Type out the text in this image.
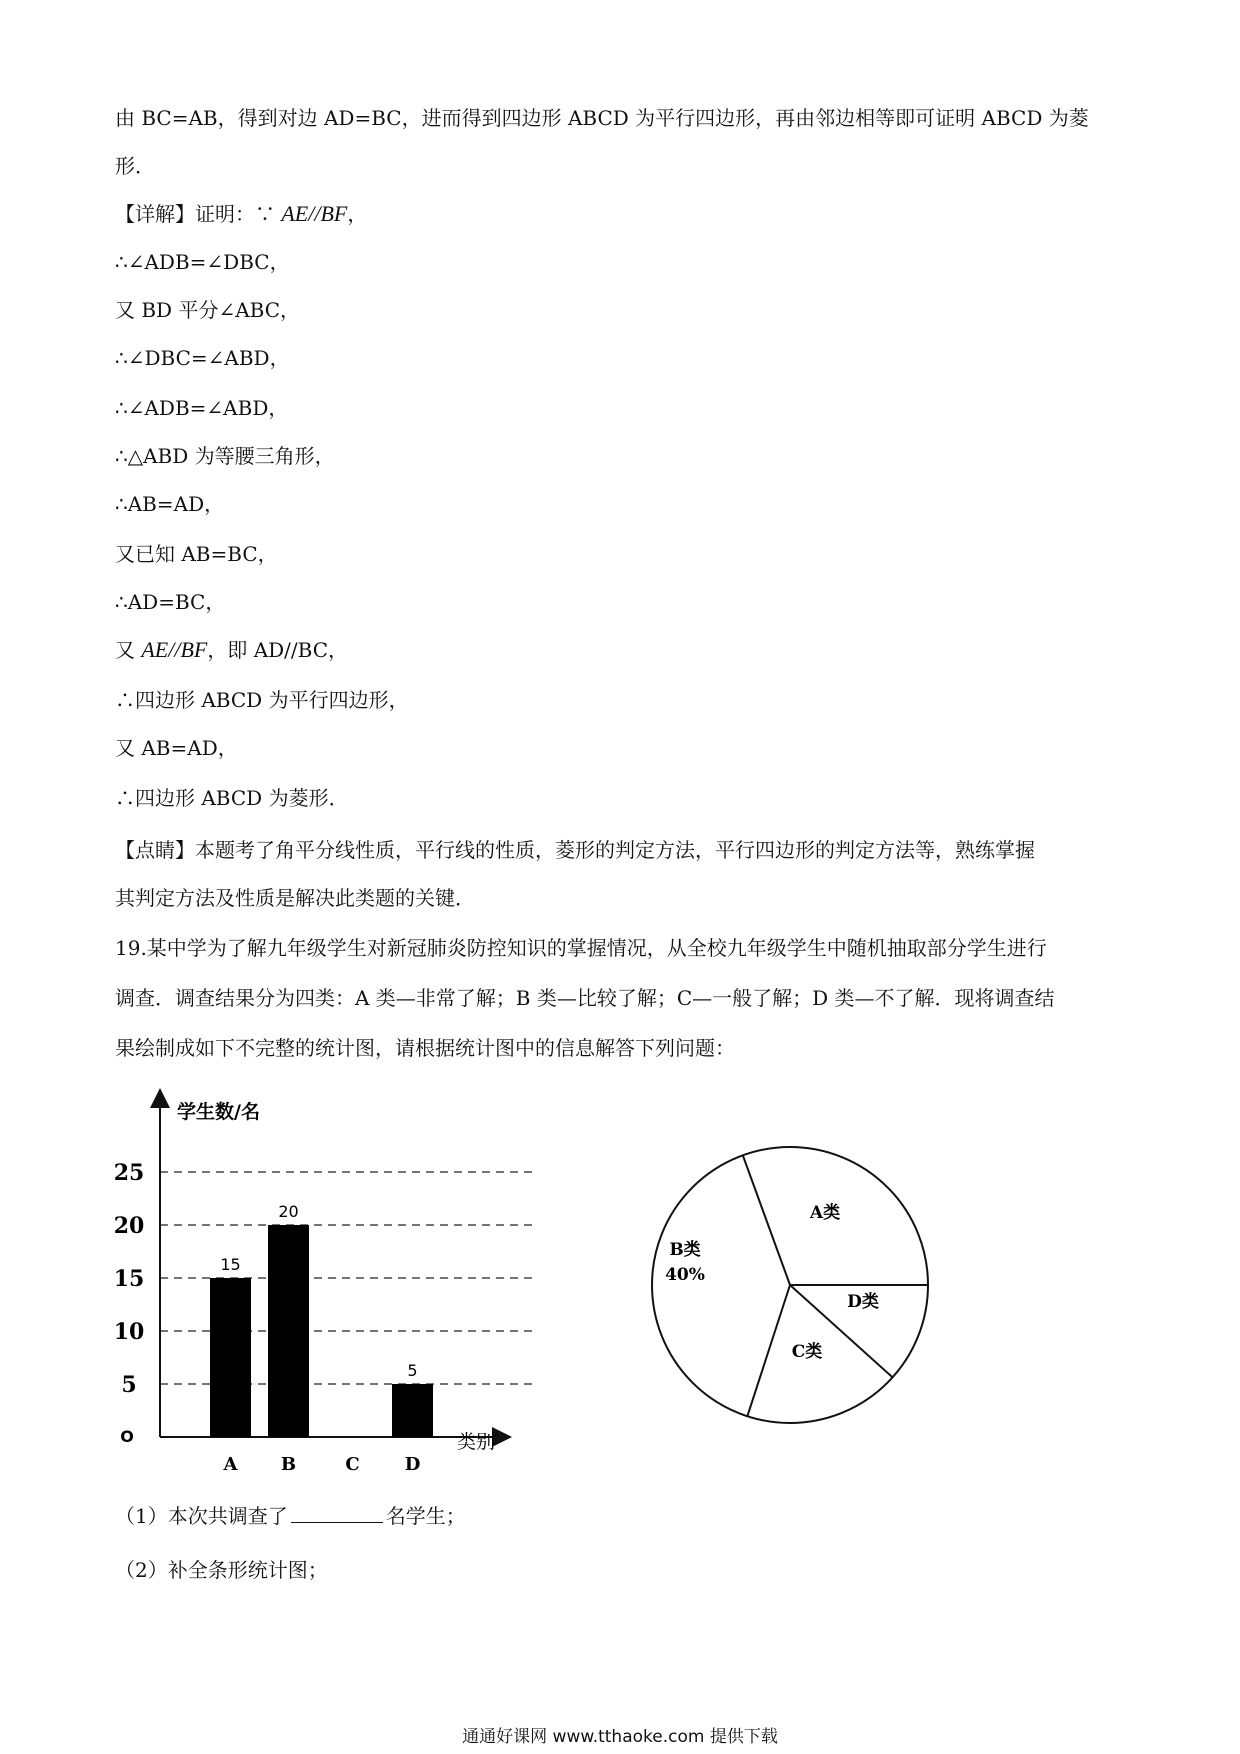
由 BC=AB，得到对边 AD=BC，进而得到四边形 ABCD 为平行四边形，再由邻边相等即可证明 ABCD 为菱
形．
【详解】证明：∵ AE//BF，
∴∠ADB=∠DBC，
又 BD 平分∠ABC，
∴∠DBC=∠ABD，
∴∠ADB=∠ABD，
∴△ABD 为等腰三角形，
∴AB=AD，
又已知 AB=BC，
∴AD=BC，
又 AE//BF，即 AD//BC，
∴四边形 ABCD 为平行四边形，
又 AB=AD，
∴四边形 ABCD 为菱形．
【点睛】本题考了角平分线性质，平行线的性质，菱形的判定方法，平行四边形的判定方法等，熟练掌握
其判定方法及性质是解决此类题的关键．
19.某中学为了解九年级学生对新冠肺炎防控知识的掌握情况，从全校九年级学生中随机抽取部分学生进行
调查．调查结果分为四类：A 类—非常了解；B 类—比较了解；C—一般了解；D 类—不了解．现将调查结
果绘制成如下不完整的统计图，请根据统计图中的信息解答下列问题：
5
10
15
20
25
学生数/名
类别
O
A
15
B
20
C	D
5
A类
D类
C类
B类
40%
（1）本次共调查了	名学生；
（2）补全条形统计图；
通通好课网 www.tthaoke.com 提供下载
